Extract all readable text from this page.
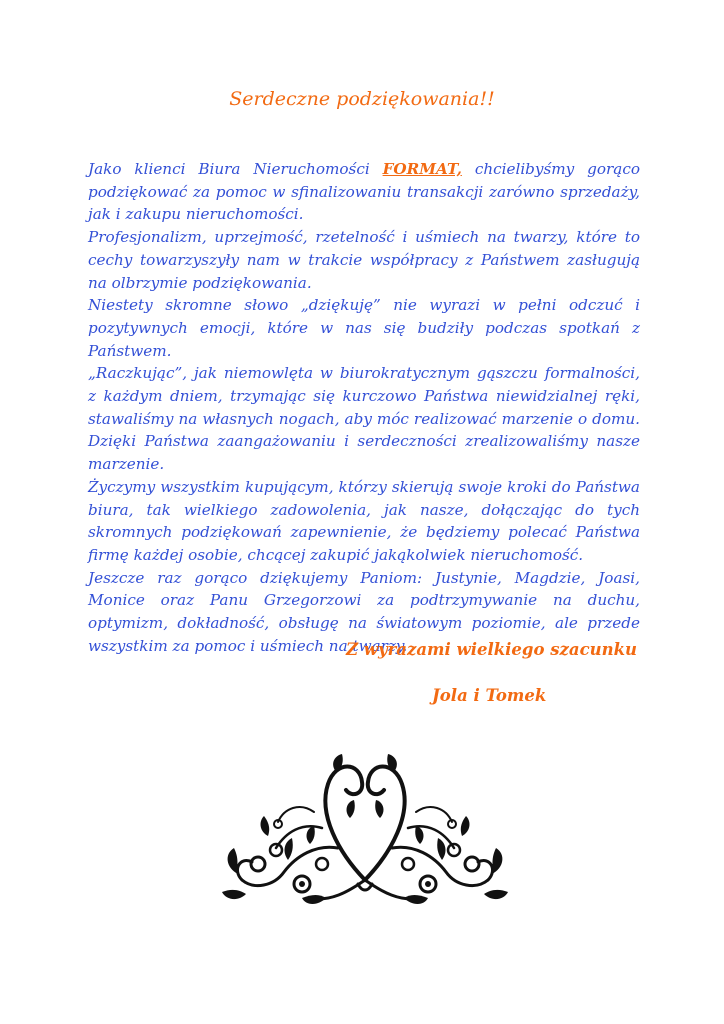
Serdeczne podziękowania!!

Jako klienci Biura Nieruchomości FORMAT, chcielibyśmy gorąco podziękować za pomoc w sfinalizowaniu transakcji zarówno sprzedaży, jak i zakupu nieruchomości.

Profesjonalizm, uprzejmość, rzetelność i uśmiech na twarzy, które to cechy towarzyszyły nam w trakcie współpracy z Państwem zasługują na olbrzymie podziękowania.

Niestety skromne słowo „dziękuję” nie wyrazi w pełni odczuć i pozytywnych emocji, które w nas się budziły podczas spotkań z Państwem.

„Raczkując”, jak niemowlęta w biurokratycznym gąszczu formalności, z każdym dniem, trzymając się kurczowo Państwa niewidzialnej ręki, stawaliśmy na własnych nogach, aby móc realizować marzenie o domu. Dzięki Państwa zaangażowaniu i serdeczności zrealizowaliśmy nasze marzenie.

Życzymy wszystkim kupującym, którzy skierują swoje kroki do Państwa biura, tak wielkiego zadowolenia, jak nasze, dołączając do tych skromnych podziękowań zapewnienie, że będziemy polecać Państwa firmę każdej osobie, chcącej zakupić jakąkolwiek nieruchomość.

Jeszcze raz gorąco dziękujemy Paniom: Justynie, Magdzie, Joasi, Monice oraz Panu Grzegorzowi za podtrzymywanie na duchu, optymizm, dokładność, obsługę na światowym poziomie, ale przede wszystkim za pomoc i uśmiech na twarzy.

Z wyrazami wielkiego szacunku
Jola i Tomek
